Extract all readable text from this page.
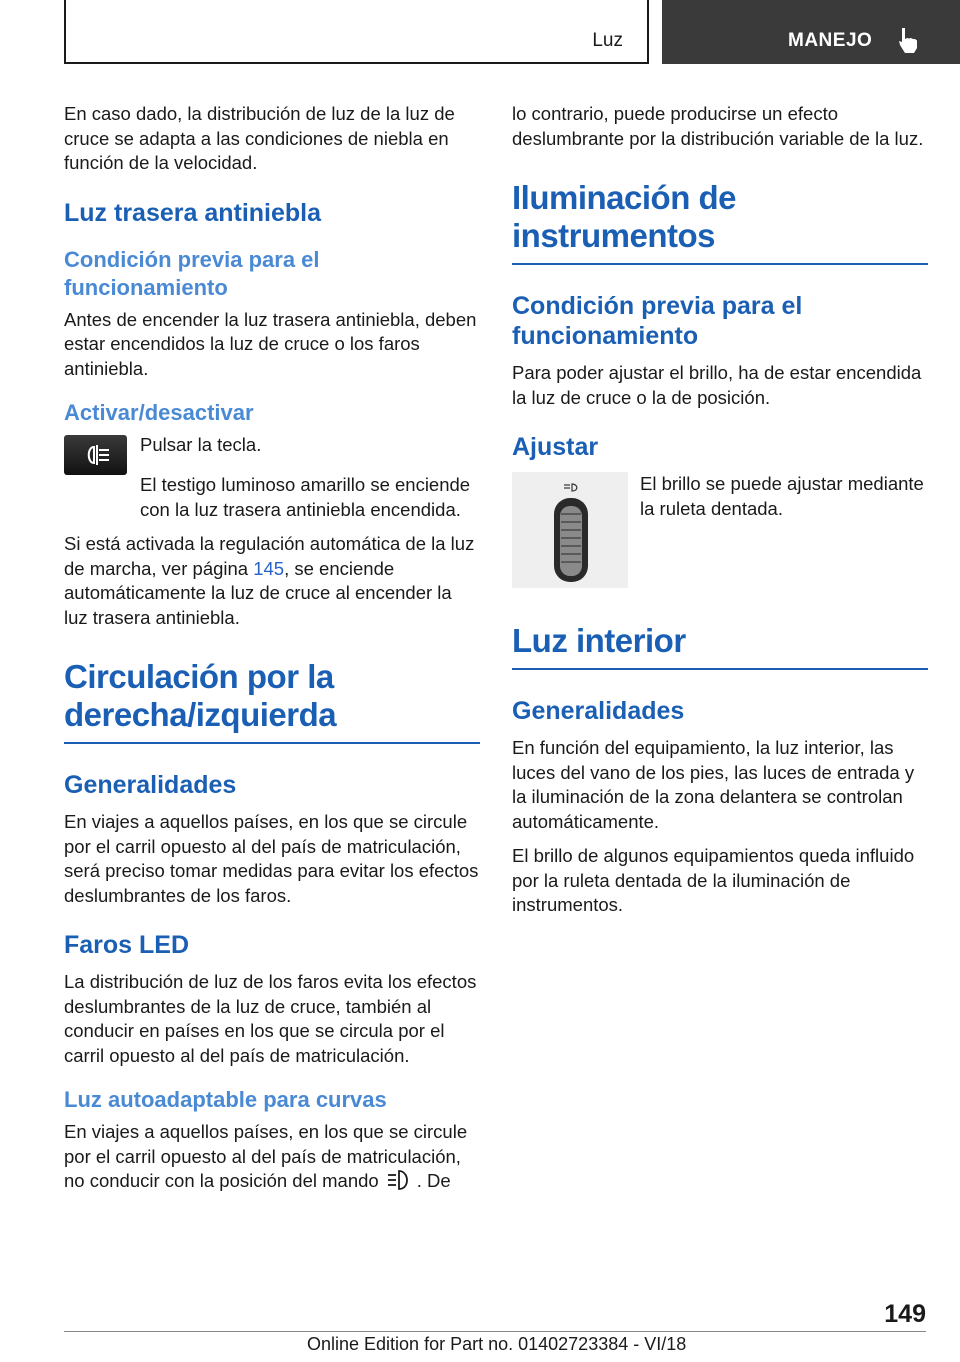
Luz	MANEJO

En caso dado, la distribución de luz de la luz de cruce se adapta a las condiciones de niebla en función de la velocidad.

Luz trasera antiniebla
Condición previa para el funcionamiento

Antes de encender la luz trasera antiniebla, deben estar encendidos la luz de cruce o los faros antiniebla.

Activar/desactivar

Pulsar la tecla.

El testigo luminoso amarillo se enciende con la luz trasera antiniebla encendida.

Si está activada la regulación automática de la luz de marcha, ver página 145, se enciende automáticamente la luz de cruce al encender la luz trasera antiniebla.

Circulación por la derecha/izquierda
Generalidades

En viajes a aquellos países, en los que se circule por el carril opuesto al del país de matriculación, será preciso tomar medidas para evitar los efectos deslumbrantes de los faros.

Faros LED

La distribución de luz de los faros evita los efectos deslumbrantes de la luz de cruce, también al conducir en países en los que se circula por el carril opuesto al del país de matriculación.

Luz autoadaptable para curvas

En viajes a aquellos países, en los que se circule por el carril opuesto al del país de matriculación, no conducir con la posición del mando . De

lo contrario, puede producirse un efecto deslumbrante por la distribución variable de la luz.

Iluminación de instrumentos
Condición previa para el funcionamiento

Para poder ajustar el brillo, ha de estar encendida la luz de cruce o la de posición.

Ajustar

El brillo se puede ajustar mediante la ruleta dentada.

Luz interior
Generalidades

En función del equipamiento, la luz interior, las luces del vano de los pies, las luces de entrada y la iluminación de la zona delantera se controlan automáticamente.

El brillo de algunos equipamientos queda influido por la ruleta dentada de la iluminación de instrumentos.

149
Online Edition for Part no. 01402723384 - VI/18
